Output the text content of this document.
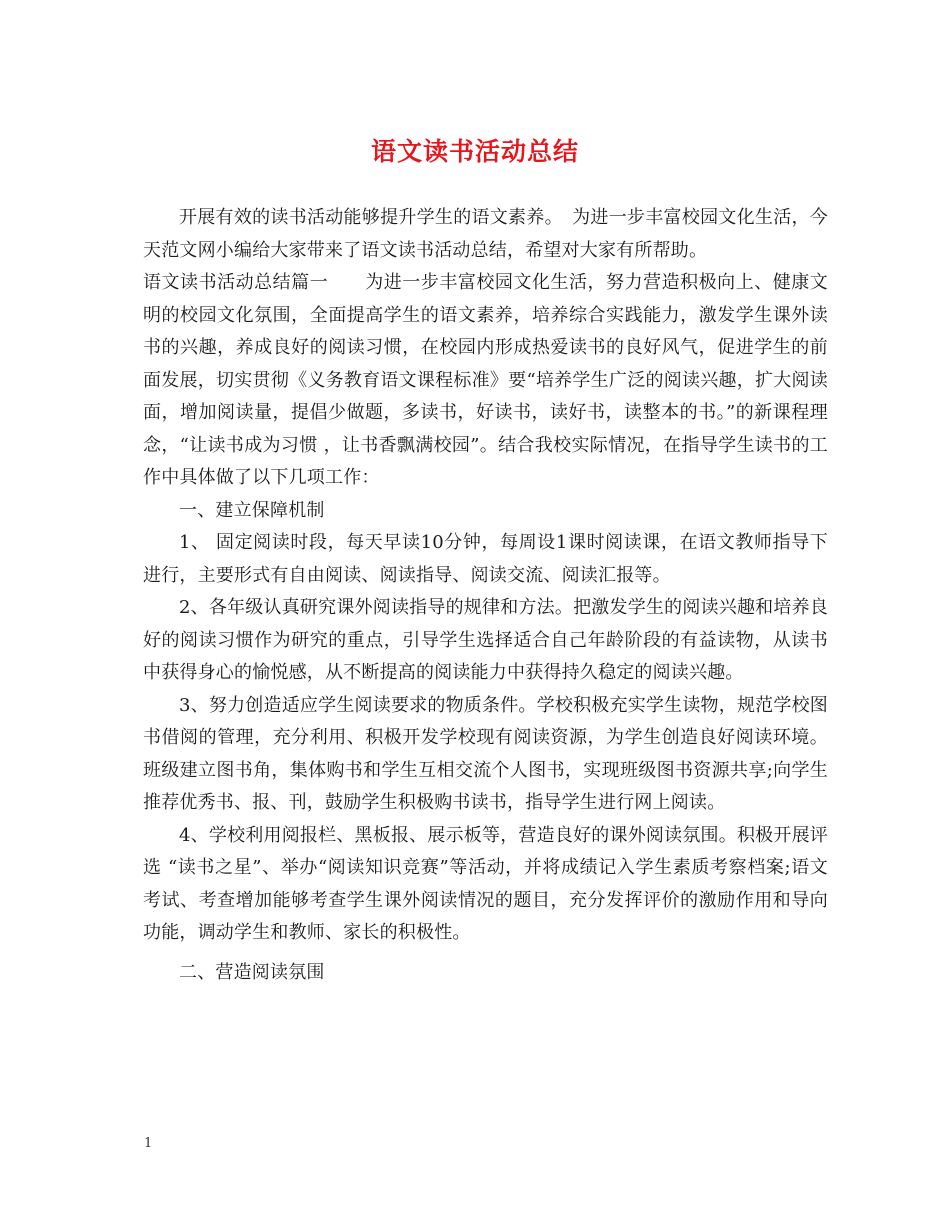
语文读书活动总结

开展有效的读书活动能够提升学生的语文素养。　为进一步丰富校园文化生活，今天范文网小编给大家带来了语文读书活动总结，希望对大家有所帮助。

语文读书活动总结篇一　　为进一步丰富校园文化生活，努力营造积极向上、健康文明的校园文化氛围，全面提高学生的语文素养，培养综合实践能力，激发学生课外读书的兴趣，养成良好的阅读习惯，在校园内形成热爱读书的良好风气，促进学生的前面发展，切实贯彻《义务教育语文课程标准》要“培养学生广泛的阅读兴趣，扩大阅读面，增加阅读量，提倡少做题，多读书，好读书，读好书，读整本的书。”的新课程理念，“让读书成为习惯 ，让书香飘满校园”。结合我校实际情况，在指导学生读书的工作中具体做了以下几项工作：

一、建立保障机制

1、 固定阅读时段，每天早读10分钟，每周设1课时阅读课，在语文教师指导下进行，主要形式有自由阅读、阅读指导、阅读交流、阅读汇报等。

2、各年级认真研究课外阅读指导的规律和方法。把激发学生的阅读兴趣和培养良好的阅读习惯作为研究的重点，引导学生选择适合自己年龄阶段的有益读物，从读书中获得身心的愉悦感，从不断提高的阅读能力中获得持久稳定的阅读兴趣。

3、努力创造适应学生阅读要求的物质条件。学校积极充实学生读物，规范学校图书借阅的管理，充分利用、积极开发学校现有阅读资源，为学生创造良好阅读环境。班级建立图书角，集体购书和学生互相交流个人图书，实现班级图书资源共享;向学生推荐优秀书、报、刊，鼓励学生积极购书读书，指导学生进行网上阅读。

4、学校利用阅报栏、黑板报、展示板等，营造良好的课外阅读氛围。积极开展评选 “读书之星”、举办“阅读知识竞赛”等活动，并将成绩记入学生素质考察档案;语文考试、考查增加能够考查学生课外阅读情况的题目，充分发挥评价的激励作用和导向功能，调动学生和教师、家长的积极性。

二、营造阅读氛围

1
